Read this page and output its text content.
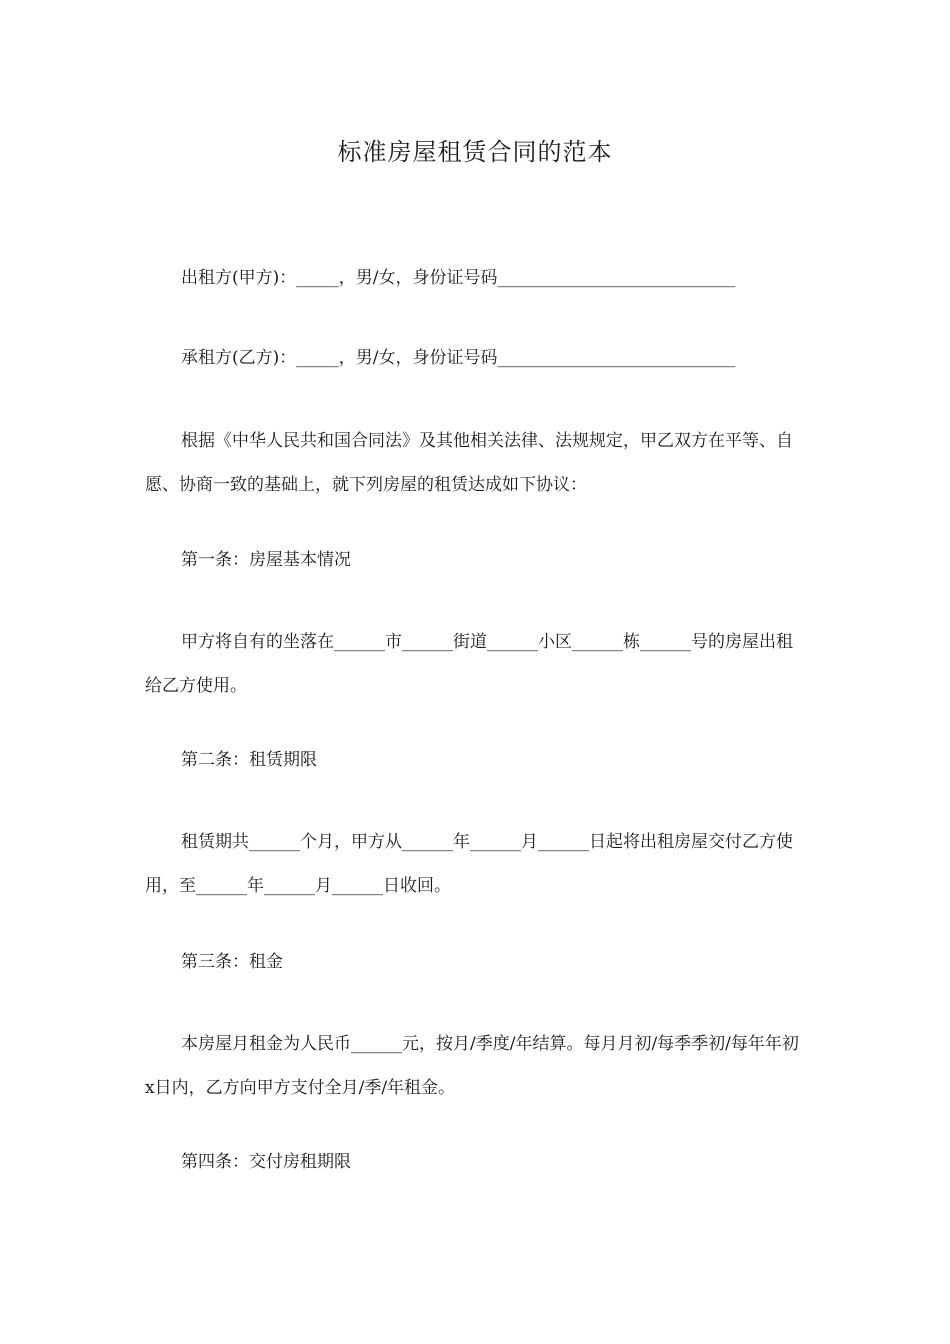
标准房屋租赁合同的范本
出租方(甲方)：_____，男/女，身份证号码____________________________
承租方(乙方)：_____，男/女，身份证号码____________________________
根据《中华人民共和国合同法》及其他相关法律、法规规定，甲乙双方在平等、自愿、协商一致的基础上，就下列房屋的租赁达成如下协议：
第一条：房屋基本情况
甲方将自有的坐落在______市______街道______小区______栋______号的房屋出租给乙方使用。
第二条：租赁期限
租赁期共______个月，甲方从______年______月______日起将出租房屋交付乙方使用，至______年______月______日收回。
第三条：租金
本房屋月租金为人民币______元，按月/季度/年结算。每月月初/每季季初/每年年初x日内，乙方向甲方支付全月/季/年租金。
第四条：交付房租期限
